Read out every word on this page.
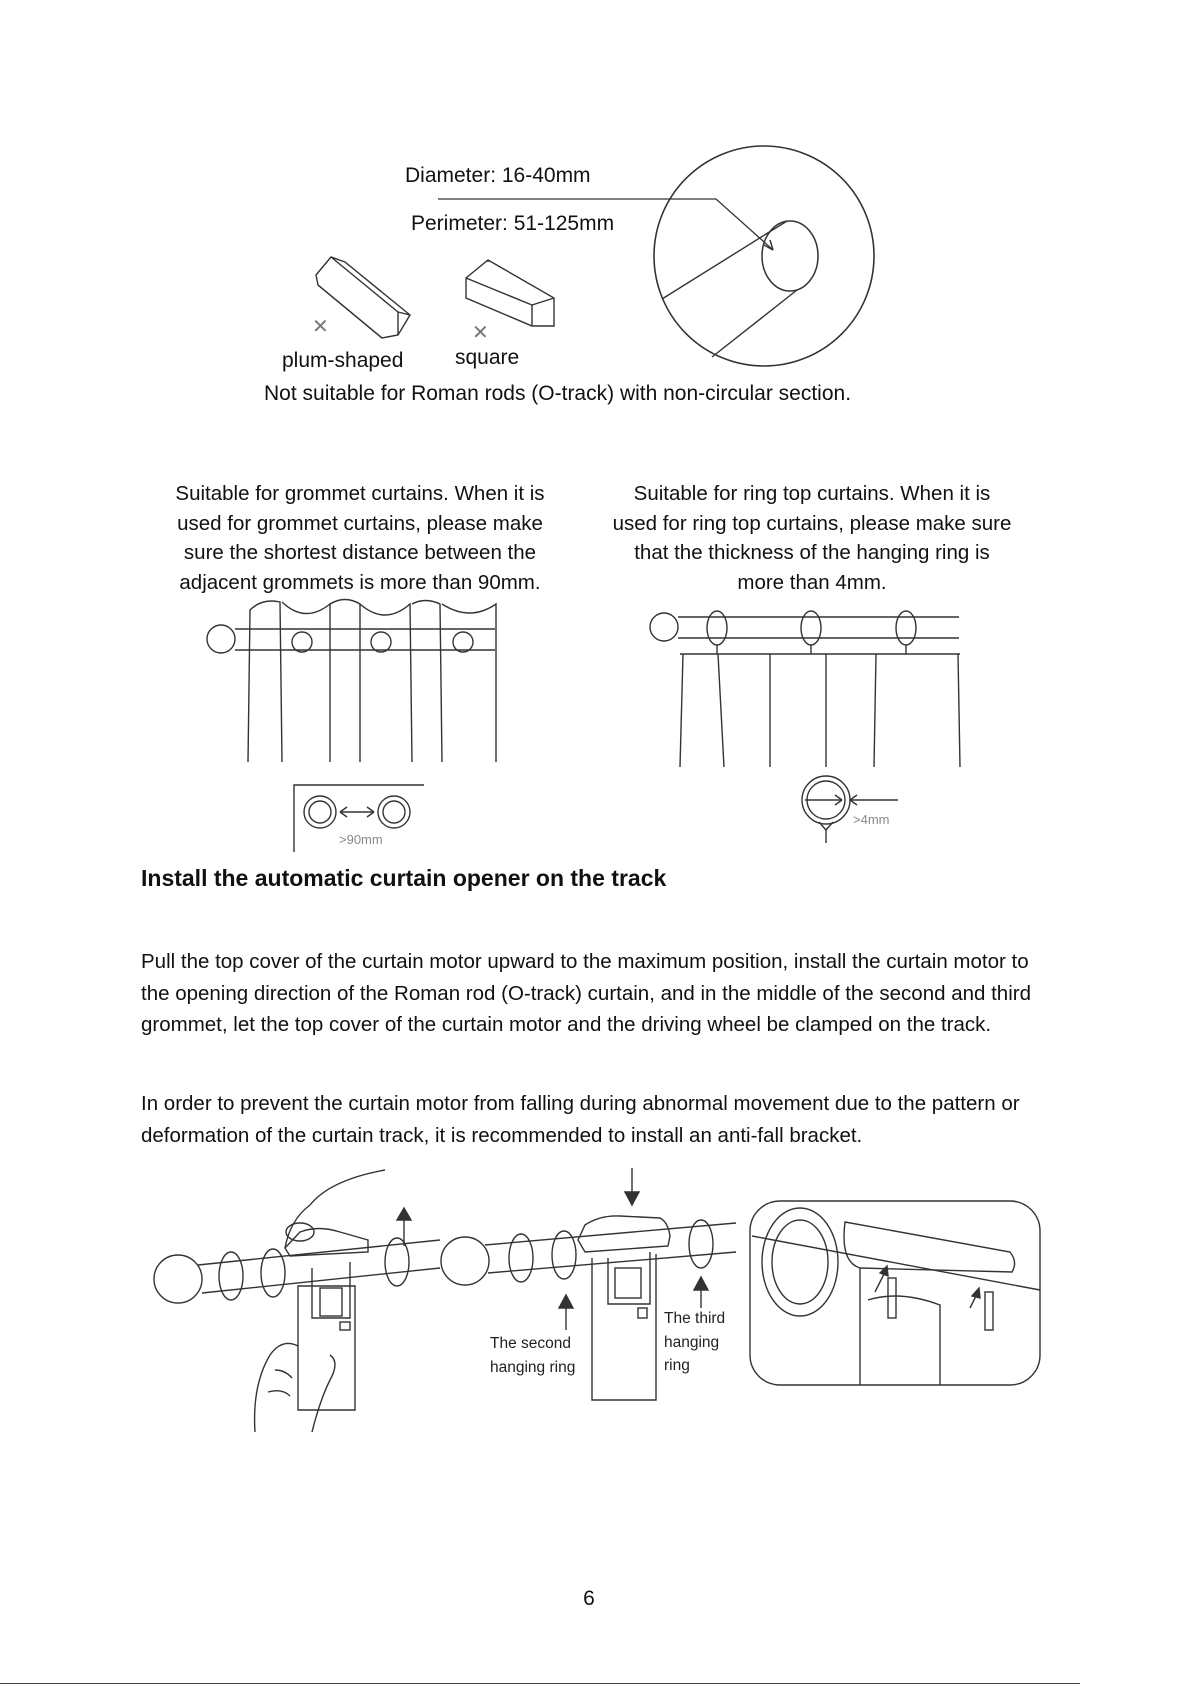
Diameter: 16-40mm
Perimeter: 51-125mm
✕	✕
plum-shaped square
Not suitable for Roman rods (O-track) with non-circular section.
Suitable for grommet curtains. When it is
used for grommet curtains, please make
sure the shortest distance between the
adjacent grommets is more than 90mm.
Suitable for ring top curtains. When it is
used for ring top curtains, please make sure
that the thickness of the hanging ring is
more than 4mm.
>90mm
>4mm
Install the automatic curtain opener on the track
Pull the top cover of the curtain motor upward to the maximum position, install the curtain motor to the opening direction of the Roman rod (O-track) curtain, and in the middle of the second and third grommet, let the top cover of the curtain motor and the driving wheel be clamped on the track.
In order to prevent the curtain motor from falling during abnormal movement due to the pattern or deformation of the curtain track, it is recommended to install an anti-fall bracket.
The second
hanging ring
The third
hanging
ring
6
